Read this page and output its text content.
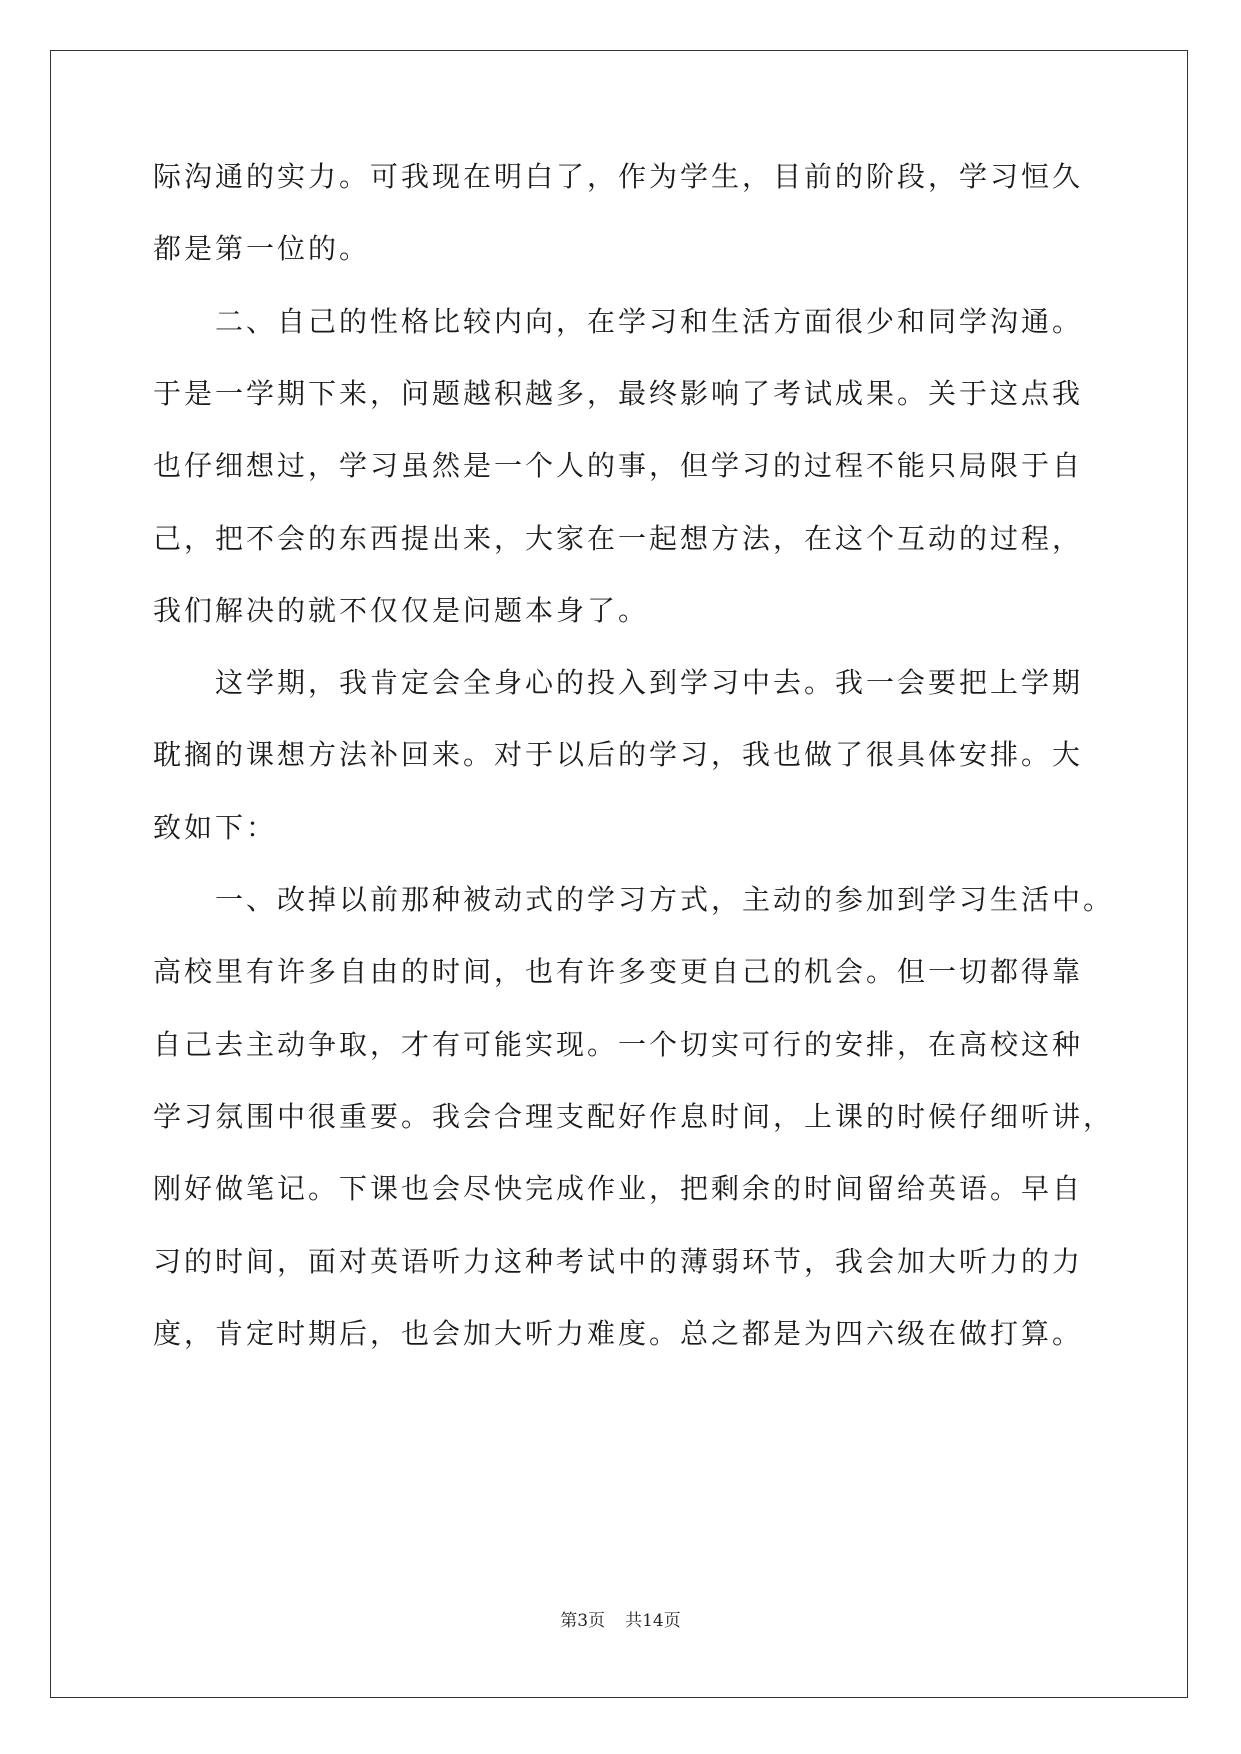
际沟通的实力。可我现在明白了，作为学生，目前的阶段，学习恒久
都是第一位的。
二、自己的性格比较内向，在学习和生活方面很少和同学沟通。
于是一学期下来，问题越积越多，最终影响了考试成果。关于这点我
也仔细想过，学习虽然是一个人的事，但学习的过程不能只局限于自
己，把不会的东西提出来，大家在一起想方法，在这个互动的过程，
我们解决的就不仅仅是问题本身了。
这学期，我肯定会全身心的投入到学习中去。我一会要把上学期
耽搁的课想方法补回来。对于以后的学习，我也做了很具体安排。大
致如下：
一、改掉以前那种被动式的学习方式，主动的参加到学习生活中。
高校里有许多自由的时间，也有许多变更自己的机会。但一切都得靠
自己去主动争取，才有可能实现。一个切实可行的安排，在高校这种
学习氛围中很重要。我会合理支配好作息时间，上课的时候仔细听讲，
刚好做笔记。下课也会尽快完成作业，把剩余的时间留给英语。早自
习的时间，面对英语听力这种考试中的薄弱环节，我会加大听力的力
度，肯定时期后，也会加大听力难度。总之都是为四六级在做打算。
第3页 共14页
